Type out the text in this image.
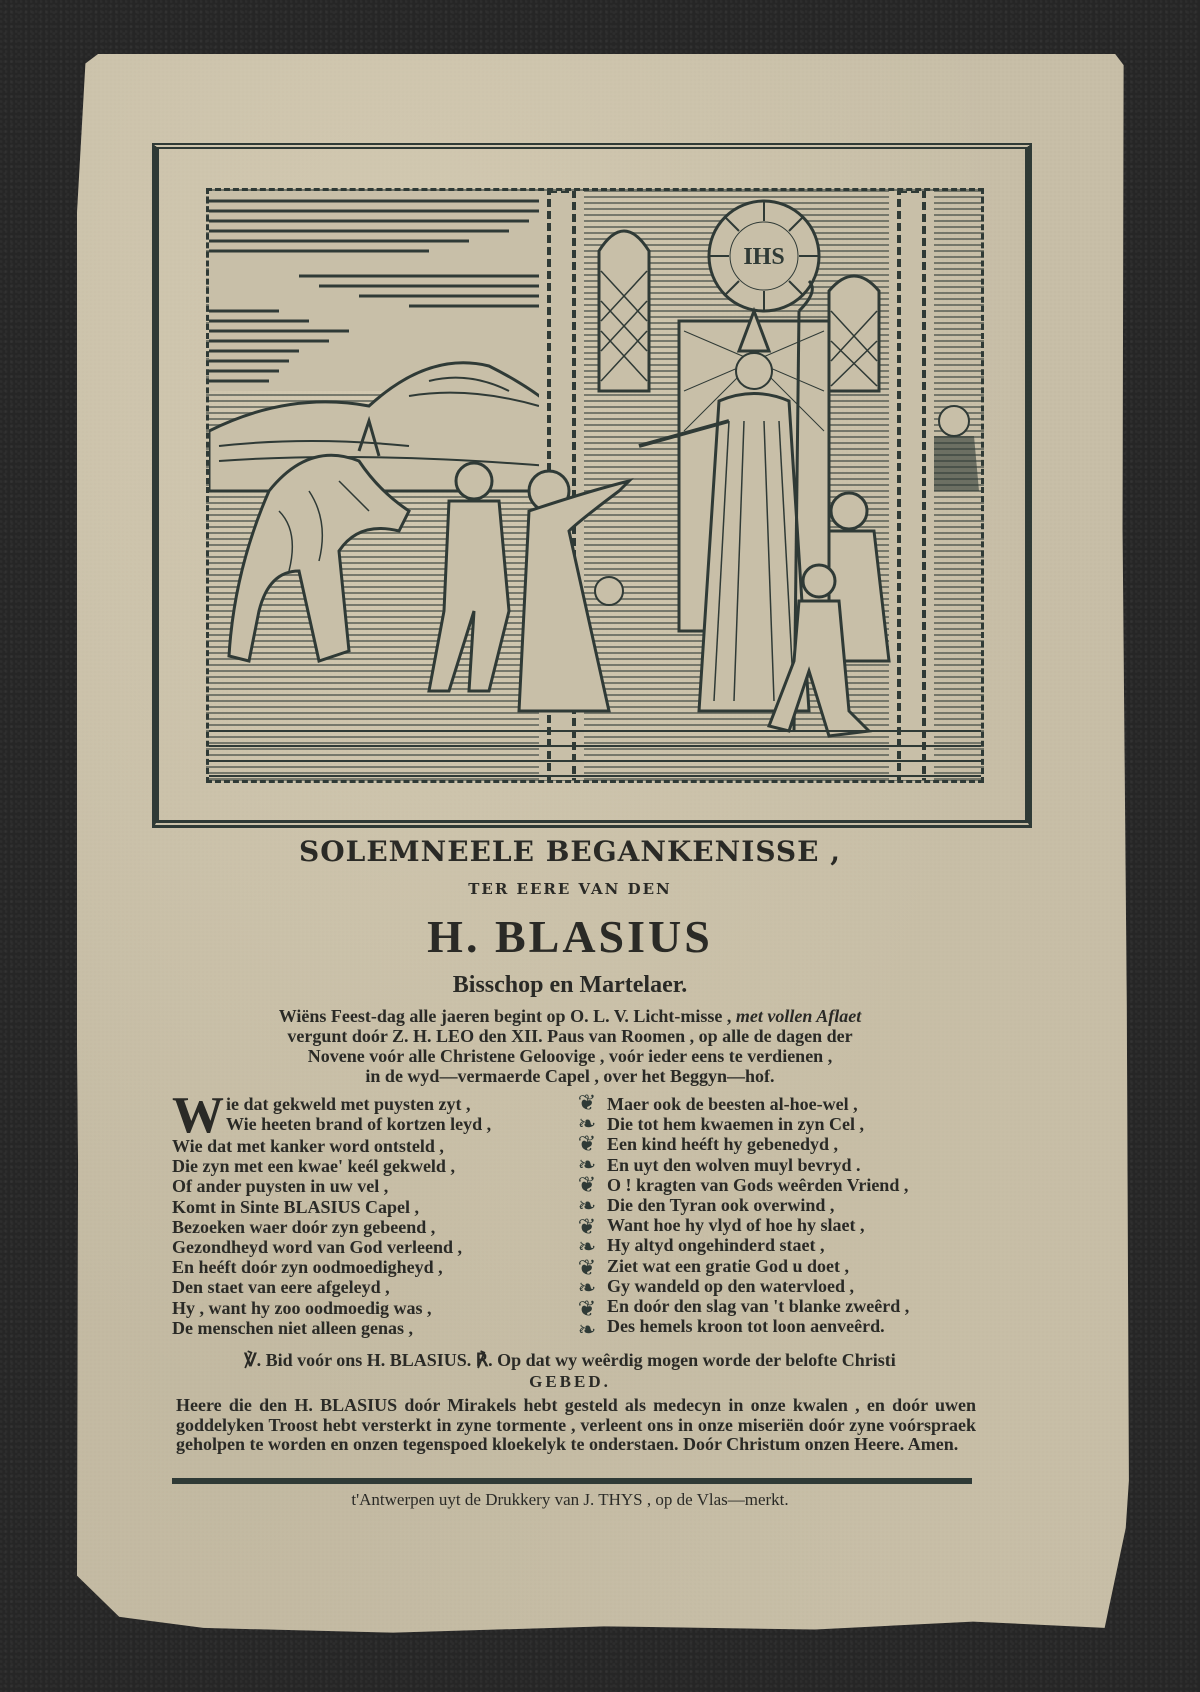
IHS
SOLEMNEELE BEGANKENISSE ,
TER EERE VAN DEN
H. BLASIUS
Bisschop en Martelaer.
Wiëns Feest-dag alle jaeren begint op O. L. V. Licht-misse , met vollen Aflaet
vergunt doór Z. H. LEO den XII. Paus van Roomen , op alle de dagen der
Novene voór alle Christene Geloovige , voór ieder eens te verdienen ,
in de wyd—vermaerde Capel , over het Beggyn—hof.
W ie dat gekweld met puysten zyt ,
Wie heeten brand of kortzen leyd ,
Wie dat met kanker word ontsteld ,
Die zyn met een kwae' keél gekweld ,
Of ander puysten in uw vel ,
Komt in Sinte BLASIUS Capel ,
Bezoeken waer doór zyn gebeend ,
Gezondheyd word van God verleend ,
En heéft doór zyn oodmoedigheyd ,
Den staet van eere afgeleyd ,
Hy , want hy zoo oodmoedig was ,
De menschen niet alleen genas ,
❦
❧
❦
❧
❦
❧
❦
❧
❦
❧
❦
❧
Maer ook de beesten al-hoe-wel ,
Die tot hem kwaemen in zyn Cel ,
Een kind heéft hy gebenedyd ,
En uyt den wolven muyl bevryd .
O ! kragten van Gods weêrden Vriend ,
Die den Tyran ook overwind ,
Want hoe hy vlyd of hoe hy slaet ,
Hy altyd ongehinderd staet ,
Ziet wat een gratie God u doet ,
Gy wandeld op den watervloed ,
En doór den slag van 't blanke zweêrd ,
Des hemels kroon tot loon aenveêrd.
℣. Bid voór ons H. BLASIUS. ℟. Op dat wy weêrdig mogen worde der belofte Christi
GEBED.
Heere die den H. BLASIUS doór Mirakels hebt gesteld als medecyn in onze kwalen , en doór uwen goddelyken Troost hebt versterkt in zyne tormente , verleent ons in onze miseriën doór zyne voórspraek geholpen te worden en onzen tegenspoed kloekelyk te onderstaen. Doór Christum onzen Heere. Amen.
t'Antwerpen uyt de Drukkery van J. THYS , op de Vlas—merkt.
